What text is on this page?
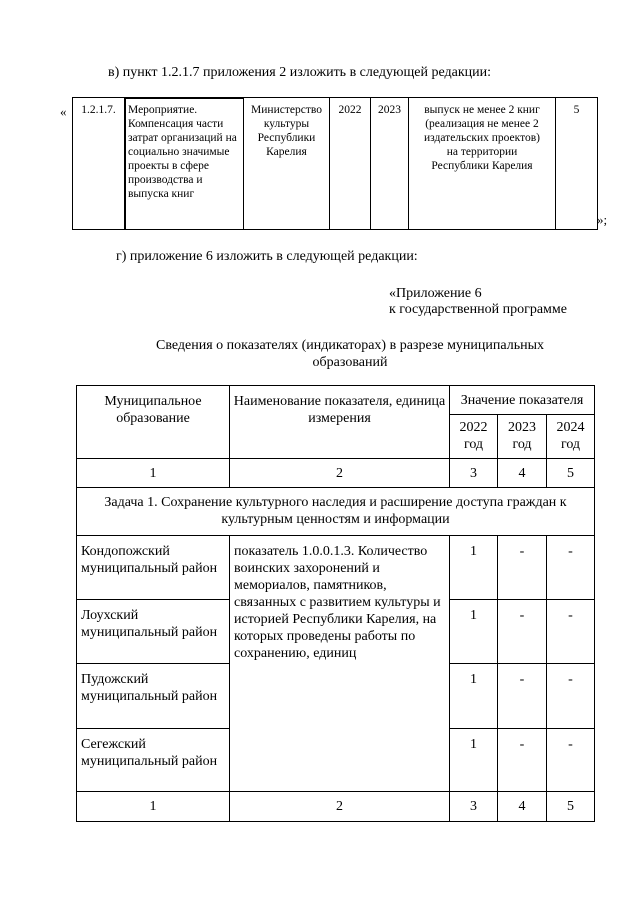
в) пункт 1.2.1.7 приложения 2 изложить в следующей редакции:
«
»;
1.2.1.7.	Мероприятие. Компенсация части затрат организаций на социально значимые проекты в сфере производства и выпуска книг	Министерство культуры Республики Карелия	2022	2023	выпуск не менее 2 книг (реализация не менее 2 издательских проектов) на территории Республики Карелия	5
г) приложение 6 изложить в следующей редакции:
«Приложение 6
к государственной программе
Сведения о показателях (индикаторах) в разрезе муниципальных образований
Муниципальное образование	Наименование показателя, единица измерения	Значение показателя		
		2022 год	2023 год	2024 год
1	2	3	4	5
Задача 1. Сохранение культурного наследия и расширение доступа граждан к культурным ценностям и информации				
Кондопожский муниципальный район	показатель 1.0.0.1.3. Количество воинских захоронений и мемориалов, памятников, связанных с развитием культуры и историей Республики Карелия, на которых проведены работы по сохранению, единиц	1	-	-
Лоухский муниципальный район		1	-	-
Пудожский муниципальный район		1	-	-
Сегежский муниципальный район		1	-	-
1	2	3	4	5
